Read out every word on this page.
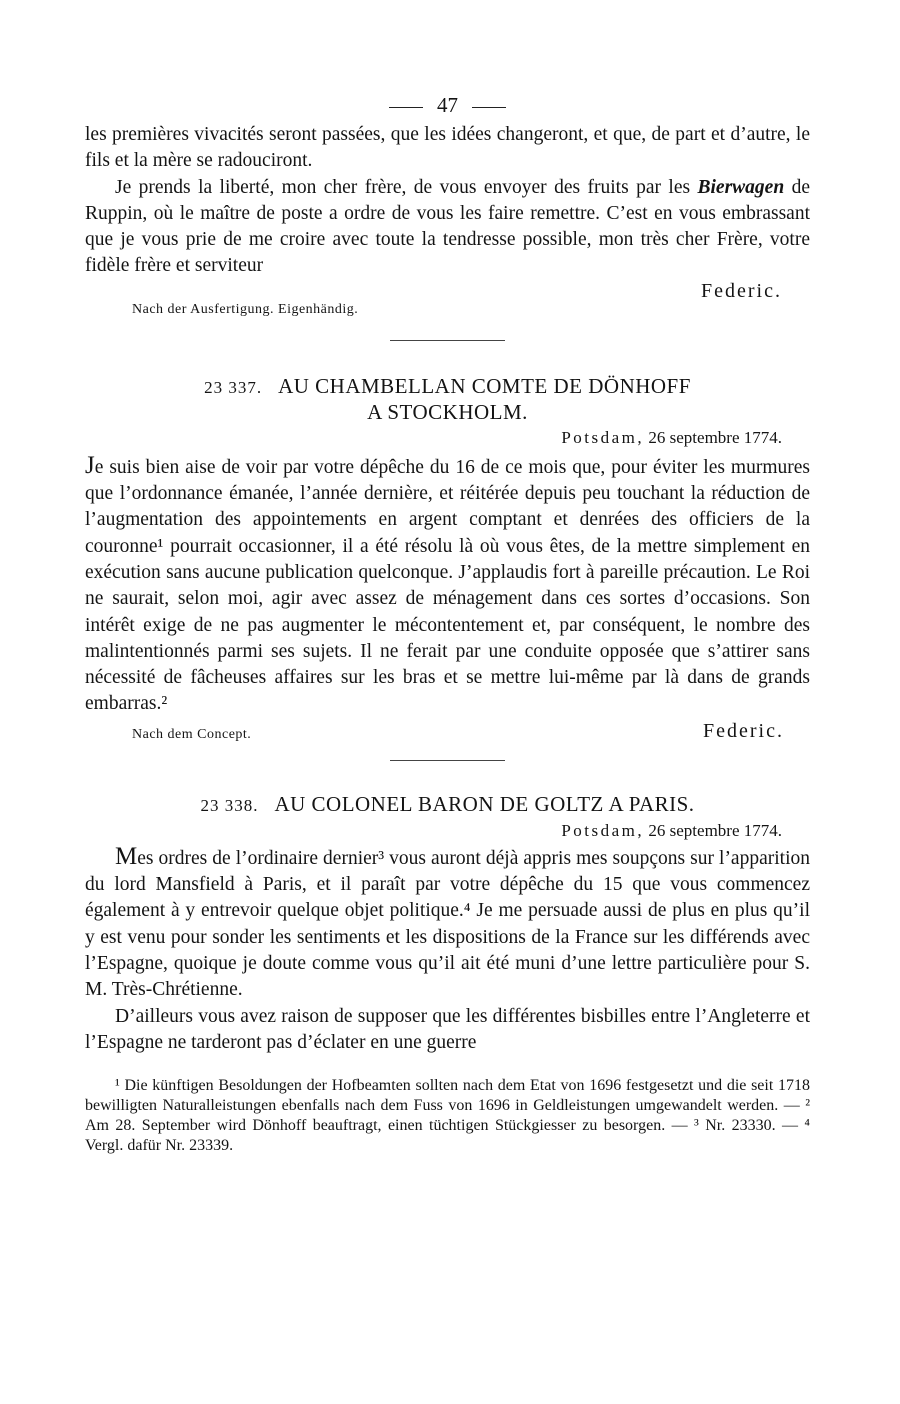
47

les premières vivacités seront passées, que les idées changeront, et que, de part et d’autre, le fils et la mère se radouciront.

Je prends la liberté, mon cher frère, de vous envoyer des fruits par les Bierwagen de Ruppin, où le maître de poste a ordre de vous les faire remettre. C’est en vous embrassant que je vous prie de me croire avec toute la tendresse possible, mon très cher Frère, votre fidèle frère et serviteur

Federic.
Nach der Ausfertigung. Eigenhändig.
23 337. AU CHAMBELLAN COMTE DE DÖNHOFF
A STOCKHOLM.
Potsdam, 26 septembre 1774.

Je suis bien aise de voir par votre dépêche du 16 de ce mois que, pour éviter les murmures que l’ordonnance émanée, l’année dernière, et réitérée depuis peu touchant la réduction de l’augmentation des appointements en argent comptant et denrées des officiers de la couronne¹ pourrait occasionner, il a été résolu là où vous êtes, de la mettre simplement en exécution sans aucune publication quelconque. J’applaudis fort à pareille précaution. Le Roi ne saurait, selon moi, agir avec assez de ménagement dans ces sortes d’occasions. Son intérêt exige de ne pas augmenter le mécontentement et, par conséquent, le nombre des malintentionnés parmi ses sujets. Il ne ferait par une conduite opposée que s’attirer sans nécessité de fâcheuses affaires sur les bras et se mettre lui-même par là dans de grands embarras.²

Federic.
Nach dem Concept.
23 338. AU COLONEL BARON DE GOLTZ A PARIS.
Potsdam, 26 septembre 1774.

Mes ordres de l’ordinaire dernier³ vous auront déjà appris mes soupçons sur l’apparition du lord Mansfield à Paris, et il paraît par votre dépêche du 15 que vous commencez également à y entrevoir quelque objet politique.⁴ Je me persuade aussi de plus en plus qu’il y est venu pour sonder les sentiments et les dispositions de la France sur les différends avec l’Espagne, quoique je doute comme vous qu’il ait été muni d’une lettre particulière pour S. M. Très-Chrétienne.

D’ailleurs vous avez raison de supposer que les différentes bisbilles entre l’Angleterre et l’Espagne ne tarderont pas d’éclater en une guerre

¹ Die künftigen Besoldungen der Hofbeamten sollten nach dem Etat von 1696 festgesetzt und die seit 1718 bewilligten Naturalleistungen ebenfalls nach dem Fuss von 1696 in Geldleistungen umgewandelt werden. — ² Am 28. September wird Dönhoff beauftragt, einen tüchtigen Stückgiesser zu besorgen. — ³ Nr. 23330. — ⁴ Vergl. dafür Nr. 23339.
